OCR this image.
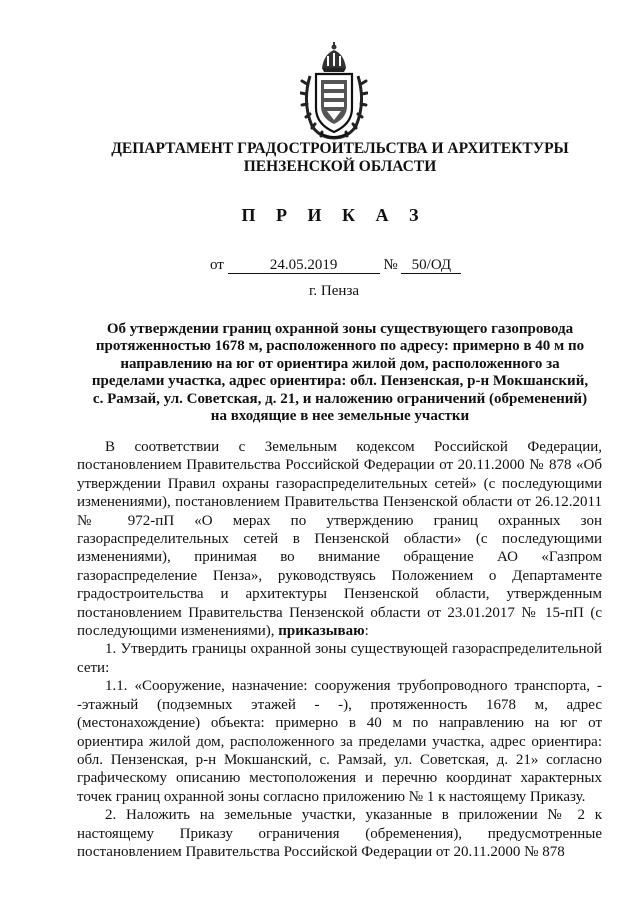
ДЕПАРТАМЕНТ ГРАДОСТРОИТЕЛЬСТВА И АРХИТЕКТУРЫ ПЕНЗЕНСКОЙ ОБЛАСТИ
П Р И К А З
от	24.05.2019	№ 50/ОД
г. Пенза
Об утверждении границ охранной зоны существующего газопровода протяженностью 1678 м, расположенного по адресу: примерно в 40 м по направлению на юг от ориентира жилой дом, расположенного за пределами участка, адрес ориентира: обл. Пензенская, р-н Мокшанский, с. Рамзай, ул. Советская, д. 21, и наложению ограничений (обременений) на входящие в нее земельные участки

В соответствии с Земельным кодексом Российской Федерации, постановлением Правительства Российской Федерации от 20.11.2000 № 878 «Об утверждении Правил охраны газораспределительных сетей» (с последующими изменениями), постановлением Правительства Пензенской области от 26.12.2011 № 972-пП «О мерах по утверждению границ охранных зон газораспределительных сетей в Пензенской области» (с последующими изменениями), принимая во внимание обращение АО «Газпром газораспределение Пенза», руководствуясь Положением о Департаменте градостроительства и архитектуры Пензенской области, утвержденным постановлением Правительства Пензенской области от 23.01.2017 № 15-пП (с последующими изменениями), приказываю:

1. Утвердить границы охранной зоны существующей газораспределительной сети:

1.1. «Сооружение, назначение: сооружения трубопроводного транспорта, - -этажный (подземных этажей - -), протяженность 1678 м, адрес (местонахождение) объекта: примерно в 40 м по направлению на юг от ориентира жилой дом, расположенного за пределами участка, адрес ориентира: обл. Пензенская, р-н Мокшанский, с. Рамзай, ул. Советская, д. 21» согласно графическому описанию местоположения и перечню координат характерных точек границ охранной зоны согласно приложению № 1 к настоящему Приказу.

2. Наложить на земельные участки, указанные в приложении № 2 к настоящему Приказу ограничения (обременения), предусмотренные постановлением Правительства Российской Федерации от 20.11.2000 № 878
